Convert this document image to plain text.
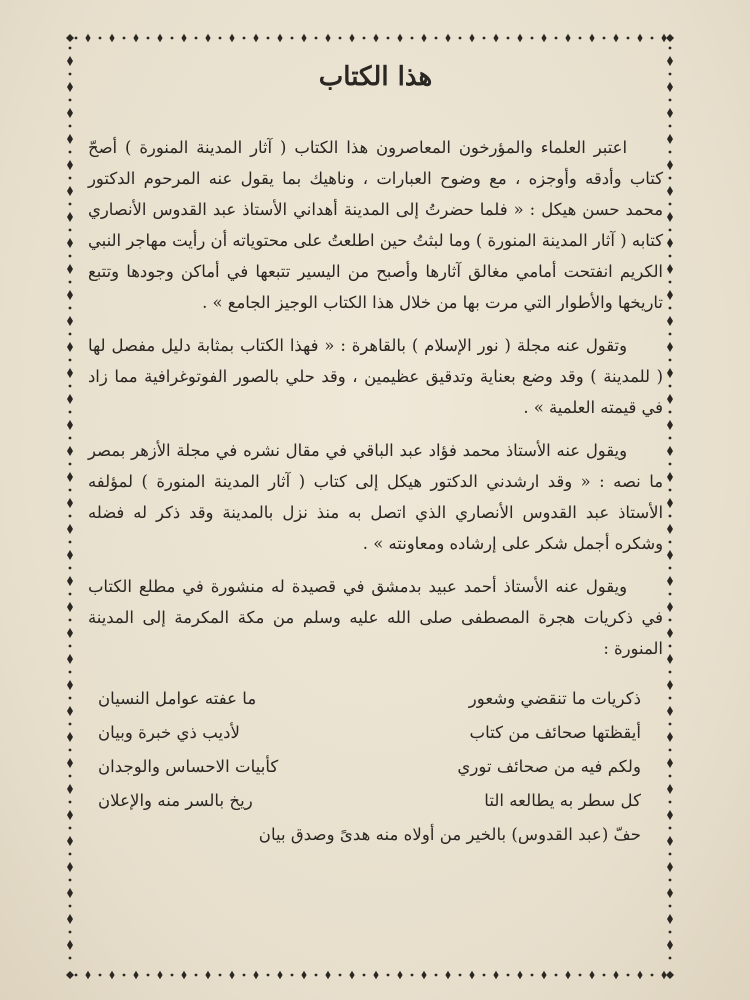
هذا الكتاب

اعتبر العلماء والمؤرخون المعاصرون هذا الكتاب ( آثار المدينة المنورة ) أصحّ كتاب وأدقه وأوجزه ، مع وضوح العبارات ، وناهيك بما يقول عنه المرحوم الدكتور محمد حسن هيكل : « فلما حضرتُ إلى المدينة أهداني الأستاذ عبد القدوس الأنصاري كتابه ( آثار المدينة المنورة ) وما لبثتُ حين اطلعتُ على محتوياته أن رأيت مهاجر النبي الكريم انفتحت أمامي مغالق آثارها وأصبح من اليسير تتبعها في أماكن وجودها وتتبع تاريخها والأطوار التي مرت بها من خلال هذا الكتاب الوجيز الجامع » .

وتقول عنه مجلة ( نور الإسلام ) بالقاهرة : « فهذا الكتاب بمثابة دليل مفصل لها ( للمدينة ) وقد وضع بعناية وتدقيق عظيمين ، وقد حلي بالصور الفوتوغرافية مما زاد في قيمته العلمية » .

ويقول عنه الأستاذ محمد فؤاد عبد الباقي في مقال نشره في مجلة الأزهر بمصر ما نصه : « وقد ارشدني الدكتور هيكل إلى كتاب ( آثار المدينة المنورة ) لمؤلفه الأستاذ عبد القدوس الأنصاري الذي اتصل به منذ نزل بالمدينة وقد ذكر له فضله وشكره أجمل شكر على إرشاده ومعاونته » .

ويقول عنه الأستاذ أحمد عبيد بدمشق في قصيدة له منشورة في مطلع الكتاب في ذكريات هجرة المصطفى صلى الله عليه وسلم من مكة المكرمة إلى المدينة المنورة :

ذكريات ما تنقضي وشعور
ما عفته عوامل النسيان
أيقظتها صحائف من كتاب
لأديب ذي خبرة وبيان
ولكم فيه من صحائف توري
كأبيات الاحساس والوجدان
كل سطر به يطالعه التا
ريخ بالسر منه والإعلان
حفّ (عبد القدوس) بالخير من أولاه منه هدىً وصدق بيان
